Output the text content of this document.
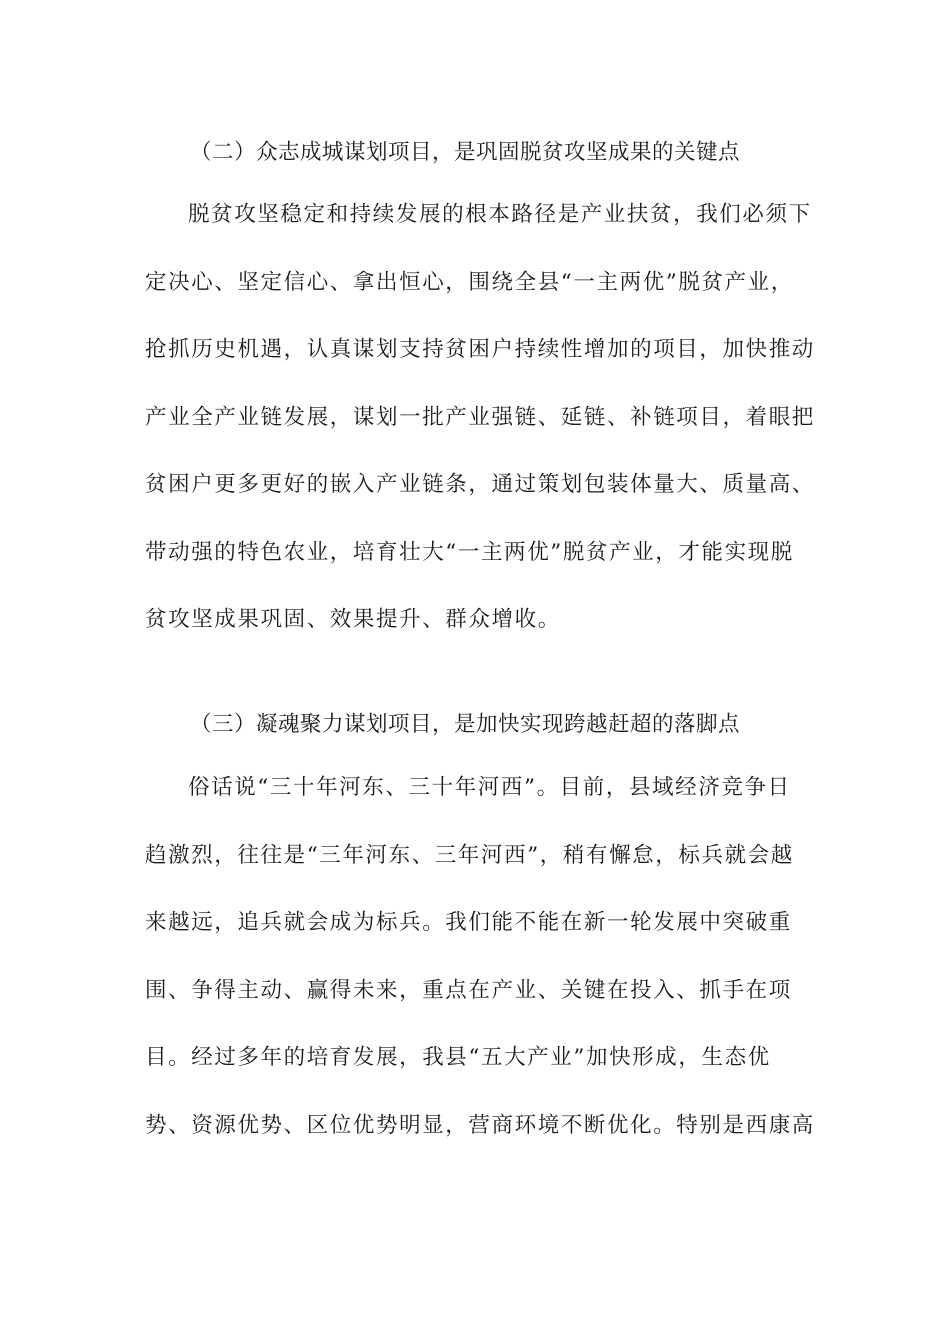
（二）众志成城谋划项目，是巩固脱贫攻坚成果的关键点
脱贫攻坚稳定和持续发展的根本路径是产业扶贫，我们必须下
定决心、坚定信心、拿出恒心，围绕全县“一主两优”脱贫产业，
抢抓历史机遇，认真谋划支持贫困户持续性增加的项目，加快推动
产业全产业链发展，谋划一批产业强链、延链、补链项目，着眼把
贫困户更多更好的嵌入产业链条，通过策划包装体量大、质量高、
带动强的特色农业，培育壮大“一主两优”脱贫产业，才能实现脱
贫攻坚成果巩固、效果提升、群众增收。
（三）凝魂聚力谋划项目，是加快实现跨越赶超的落脚点
俗话说“三十年河东、三十年河西”。目前，县域经济竞争日
趋激烈，往往是“三年河东、三年河西”，稍有懈怠，标兵就会越
来越远，追兵就会成为标兵。我们能不能在新一轮发展中突破重
围、争得主动、赢得未来，重点在产业、关键在投入、抓手在项
目。经过多年的培育发展，我县“五大产业”加快形成，生态优
势、资源优势、区位优势明显，营商环境不断优化。特别是西康高
